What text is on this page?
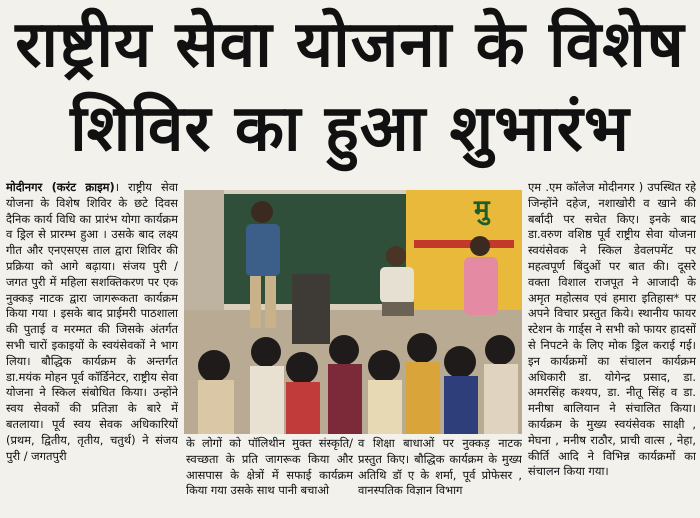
राष्ट्रीय सेवा योजना के विशेष
शिविर का हुआ शुभारंभ

मोदीनगर (करंट क्राइम)। राष्ट्रीय सेवा योजना के विशेष शिविर के छटे दिवस दैनिक कार्य विधि का प्रारंभ योगा कार्यक्रम व ड्रिल से प्रारम्भ हुआ । उसके बाद लक्ष्य गीत और एनएसएस ताल द्वारा शिविर की प्रक्रिया को आगे बढ़ाया। संजय पुरी / जगत पुरी में महिला सशक्तिकरण पर एक नुक्कड़ नाटक द्वारा जागरूकता कार्यक्रम किया गया । इसके बाद प्राईमरी पाठशाला की पुताई व मरम्मत की जिसके अंतर्गत सभी चारों इकाइयों के स्वयंसेवकों ने भाग लिया। बौद्धिक कार्यक्रम के अन्तर्गत डा.मयंक मोहन पूर्व कॉर्डिनेटर, राष्ट्रीय सेवा योजना ने स्किल संबोधित किया। उन्होंने स्वय सेवकों की प्रतिज्ञा के बारे में बतलाया। पूर्व स्वय सेवक अधिकारियों (प्रथम, द्वितीय, तृतीय, चतुर्थ) ने संजय पुरी / जगतपुरी

मु

के लोगों को पॉलिथीन मुक्त संस्कृति/स्वच्छता के प्रति जागरूक किया और आसपास के क्षेत्रों में सफाई कार्यक्रम किया गया उसके साथ पानी बचाओ

व शिक्षा बाधाओं पर नुक्कड़ नाटक प्रस्तुत किए। बौद्धिक कार्यक्रम के मुख्य अतिथि डॉ ए के शर्मा, पूर्व प्रोफेसर , वानस्पतिक विज्ञान विभाग

एम .एम कॉलेज मोदीनगर ) उपस्थित रहे जिन्होंने दहेज, नशाखोरी व खाने की बर्बादी पर सचेत किए। इनके बाद डा.वरुण वशिष्ठ पूर्व राष्ट्रीय सेवा योजना स्वयंसेवक ने स्किल डेवलपमेंट पर महत्वपूर्ण बिंदुओं पर बात की। दूसरे वक्ता विशाल राजपूत ने आजादी के अमृत महोत्सव एवं हमारा इतिहास* पर अपने विचार प्रस्तुत किये। स्थानीय फायर स्टेशन के गार्ड्स ने सभी को फायर हादसों से निपटने के लिए मोक ड्रिल कराई गई। इन कार्यक्रमों का संचालन कार्यक्रम अधिकारी डा. योगेन्द्र प्रसाद, डा. अमरसिंह कश्यप, डा. नीतू सिंह व डा. मनीषा बालियान ने संचालित किया। कार्यक्रम के मुख्य स्वयंसेवक साक्षी , मेघना , मनीष राठौर, प्राची वात्स , नेहा, कीर्ति आदि ने विभिन्न कार्यक्रमों का संचालन किया गया।
